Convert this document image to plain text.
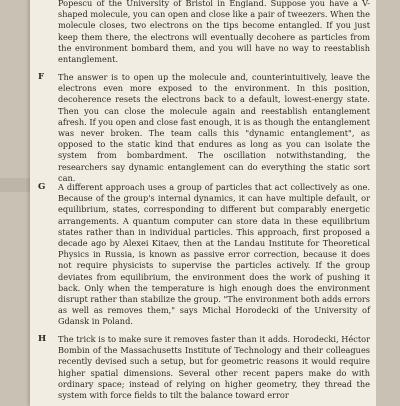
Popescu of the University of Bristol in England. Suppose you have a V-shaped molecule, you can open and close like a pair of tweezers. When the molecule closes, two electrons on the tips become entangled. If you just keep them there, the electrons will eventually decohere as particles from the environment bombard them, and you will have no way to reestablish entanglement.

F The answer is to open up the molecule and, counterintuitively, leave the electrons even more exposed to the environment. In this position, decoherence resets the electrons back to a default, lowest-energy state. Then you can close the molecule again and reestablish entanglement afresh. If you open and close fast enough, it is as though the entanglement was never broken. The team calls this "dynamic entanglement", as opposed to the static kind that endures as long as you can isolate the system from bombardment. The oscillation notwithstanding, the researchers say dynamic entanglement can do everything the static sort can.

G A different approach uses a group of particles that act collectively as one. Because of the group's internal dynamics, it can have multiple default, or equilibrium, states, corresponding to different but comparably energetic arrangements. A quantum computer can store data in these equilibrium states rather than in individual particles. This approach, first proposed a decade ago by Alexei Kitaev, then at the Landau Institute for Theoretical Physics in Russia, is known as passive error correction, because it does not require physicists to supervise the particles actively. If the group deviates from equilibrium, the environment does the work of pushing it back. Only when the temperature is high enough does the environment disrupt rather than stabilize the group. "The environment both adds errors as well as removes them," says Michal Horodecki of the University of Gdansk in Poland.

H The trick is to make sure it removes faster than it adds. Horodecki, Héctor Bombin of the Massachusetts Institute of Technology and their colleagues recently devised such a setup, but for geometric reasons it would require higher spatial dimensions. Several other recent papers make do with ordinary space; instead of relying on higher geometry, they thread the system with force fields to tilt the balance toward error
